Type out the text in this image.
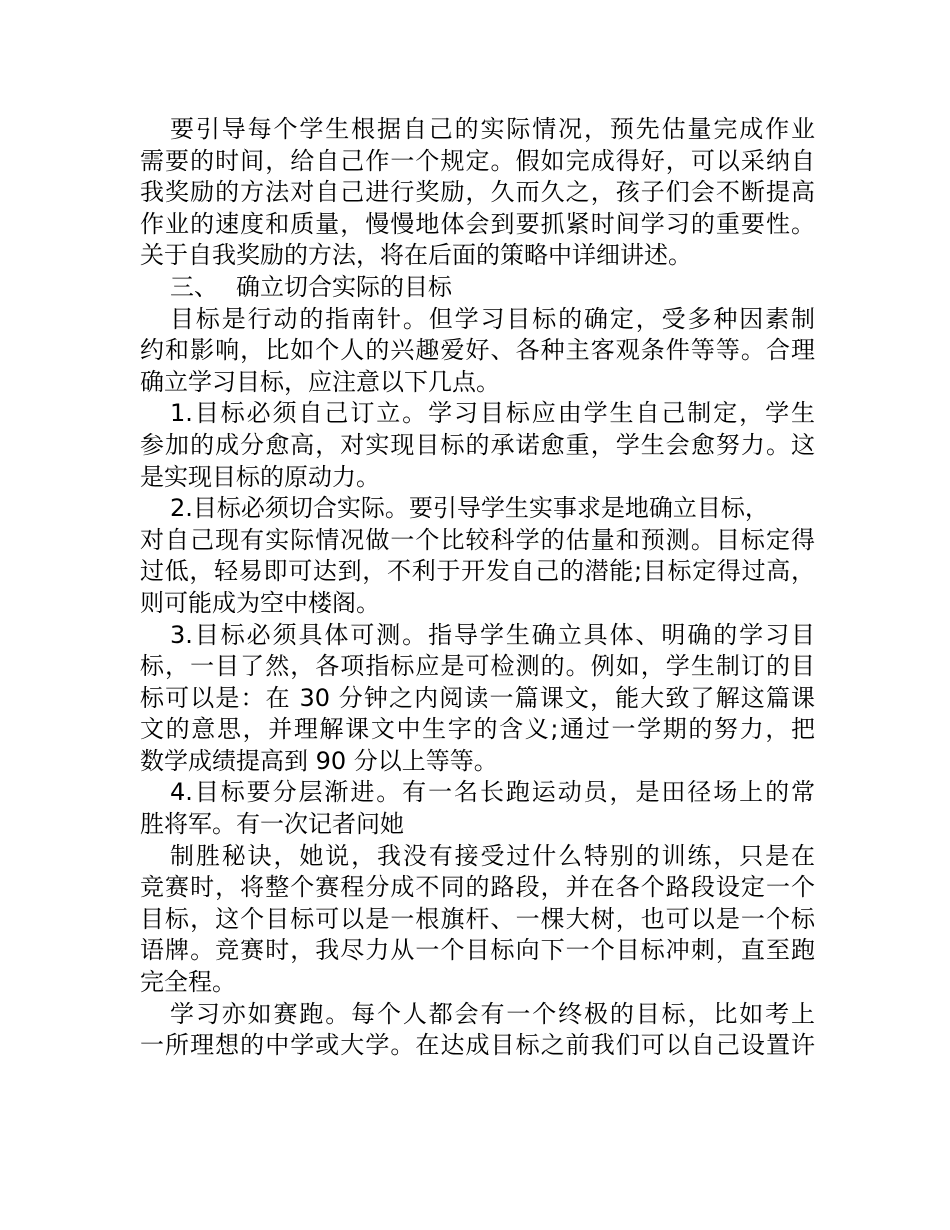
要引导每个学生根据自己的实际情况，预先估量完成作业
需要的时间，给自己作一个规定。假如完成得好，可以采纳自
我奖励的方法对自己进行奖励，久而久之，孩子们会不断提高
作业的速度和质量，慢慢地体会到要抓紧时间学习的重要性。
关于自我奖励的方法，将在后面的策略中详细讲述。
三、 确立切合实际的目标
目标是行动的指南针。但学习目标的确定，受多种因素制
约和影响，比如个人的兴趣爱好、各种主客观条件等等。合理
确立学习目标，应注意以下几点。
1.目标必须自己订立。学习目标应由学生自己制定，学生
参加的成分愈高，对实现目标的承诺愈重，学生会愈努力。这
是实现目标的原动力。
2.目标必须切合实际。要引导学生实事求是地确立目标，
对自己现有实际情况做一个比较科学的估量和预测。目标定得
过低，轻易即可达到，不利于开发自己的潜能;目标定得过高，
则可能成为空中楼阁。
3.目标必须具体可测。指导学生确立具体、明确的学习目
标，一目了然，各项指标应是可检测的。例如，学生制订的目
标可以是：在 30 分钟之内阅读一篇课文，能大致了解这篇课
文的意思，并理解课文中生字的含义;通过一学期的努力，把
数学成绩提高到 90 分以上等等。
4.目标要分层渐进。有一名长跑运动员，是田径场上的常
胜将军。有一次记者问她
制胜秘诀，她说，我没有接受过什么特别的训练，只是在
竞赛时，将整个赛程分成不同的路段，并在各个路段设定一个
目标，这个目标可以是一根旗杆、一棵大树，也可以是一个标
语牌。竞赛时，我尽力从一个目标向下一个目标冲刺，直至跑
完全程。
学习亦如赛跑。每个人都会有一个终极的目标，比如考上
一所理想的中学或大学。在达成目标之前我们可以自己设置许
